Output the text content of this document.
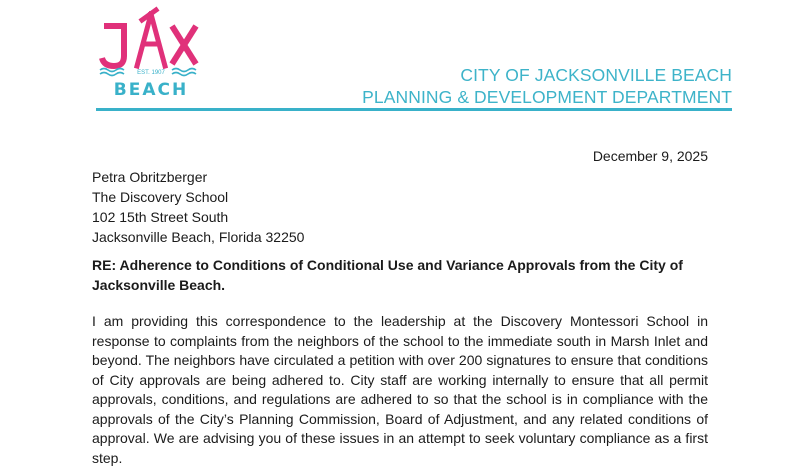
EST. 1907
BEACH
CITY OF JACKSONVILLE BEACH
PLANNING & DEVELOPMENT DEPARTMENT
December 9, 2025
Petra Obritzberger
The Discovery School
102 15th Street South
Jacksonville Beach, Florida 32250
RE: Adherence to Conditions of Conditional Use and Variance Approvals from the City of Jacksonville Beach.
I am providing this correspondence to the leadership at the Discovery Montessori School in response to complaints from the neighbors of the school to the immediate south in Marsh Inlet and beyond. The neighbors have circulated a petition with over 200 signatures to ensure that conditions of City approvals are being adhered to. City staff are working internally to ensure that all permit approvals, conditions, and regulations are adhered to so that the school is in compliance with the approvals of the City’s Planning Commission, Board of Adjustment, and any related conditions of approval. We are advising you of these issues in an attempt to seek voluntary compliance as a first step.
